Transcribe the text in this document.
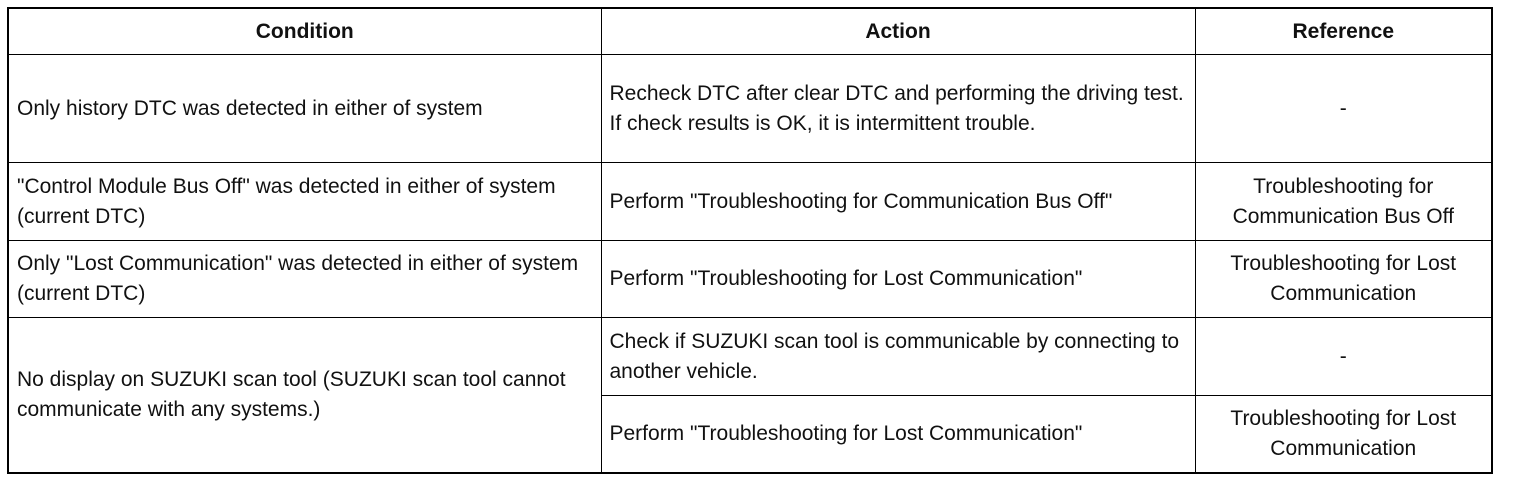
Condition	Action	Reference
Only history DTC was detected in either of system	Recheck DTC after clear DTC and performing the driving test. If check results is OK, it is intermittent trouble.	-
"Control Module Bus Off" was detected in either of system (current DTC)	Perform "Troubleshooting for Communication Bus Off"	Troubleshooting for Communication Bus Off
Only "Lost Communication" was detected in either of system (current DTC)	Perform "Troubleshooting for Lost Communication"	Troubleshooting for Lost Communication
No display on SUZUKI scan tool (SUZUKI scan tool cannot communicate with any systems.)	Check if SUZUKI scan tool is communicable by connecting to another vehicle.	-
	Perform "Troubleshooting for Lost Communication"	Troubleshooting for Lost Communication
